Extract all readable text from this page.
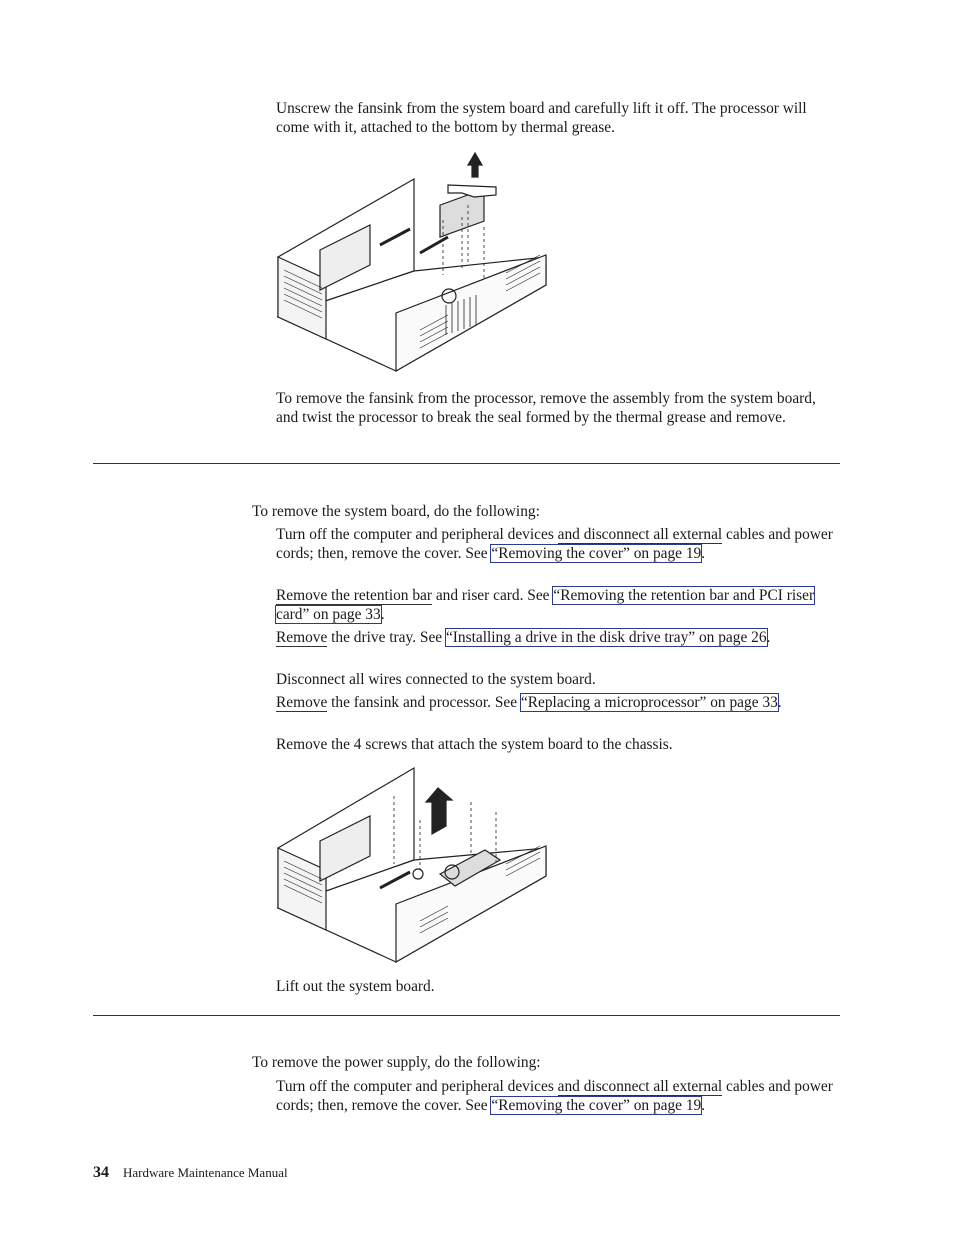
Unscrew the fansink from the system board and carefully lift it off. The processor will come with it, attached to the bottom by thermal grease.

To remove the fansink from the processor, remove the assembly from the system board, and twist the processor to break the seal formed by the thermal grease and remove.

To remove the system board, do the following:

Turn off the computer and peripheral devices and disconnect all external cables and power cords; then, remove the cover. See “Removing the cover” on page 19.

Remove the retention bar and riser card. See “Removing the retention bar and PCI riser card” on page 33.

Remove the drive tray. See “Installing a drive in the disk drive tray” on page 26.

Disconnect all wires connected to the system board.

Remove the fansink and processor. See “Replacing a microprocessor” on page 33.

Remove the 4 screws that attach the system board to the chassis.

Lift out the system board.

To remove the power supply, do the following:

Turn off the computer and peripheral devices and disconnect all external cables and power cords; then, remove the cover. See “Removing the cover” on page 19.

34 Hardware Maintenance Manual
